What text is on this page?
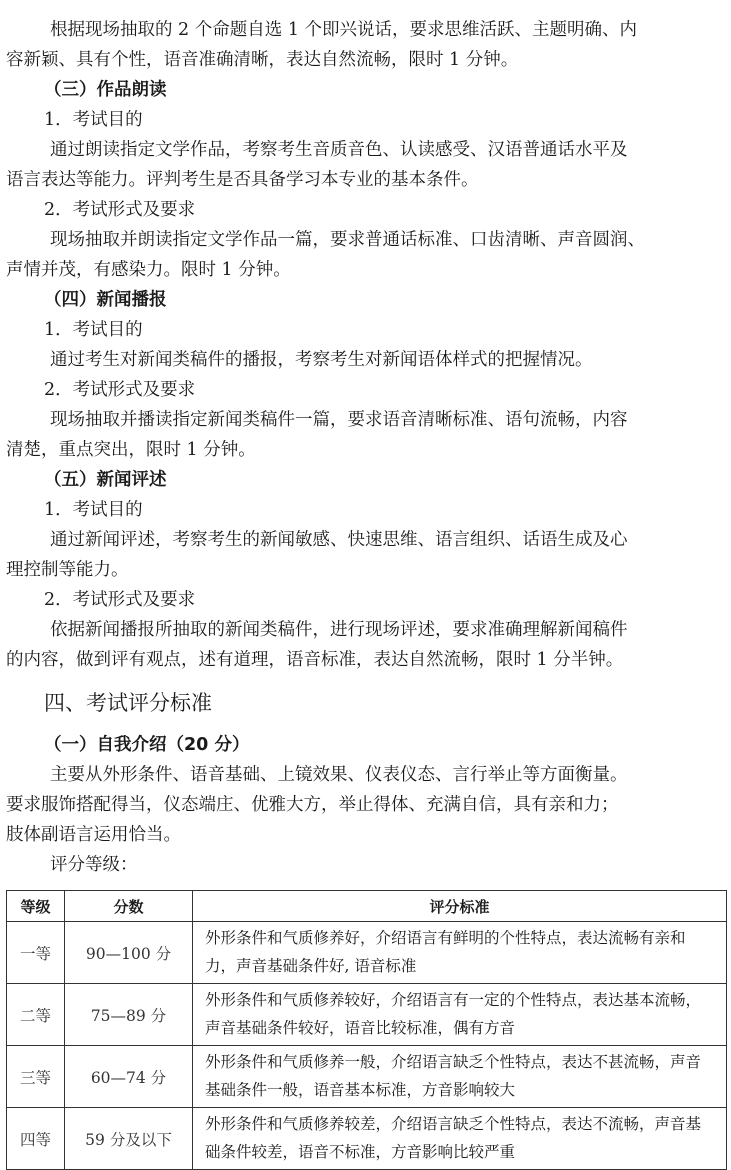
根据现场抽取的 2 个命题自选 1 个即兴说话，要求思维活跃、主题明确、内
容新颖、具有个性，语音准确清晰，表达自然流畅，限时 1 分钟。
（三）作品朗读
1．考试目的
通过朗读指定文学作品，考察考生音质音色、认读感受、汉语普通话水平及
语言表达等能力。评判考生是否具备学习本专业的基本条件。
2．考试形式及要求
现场抽取并朗读指定文学作品一篇，要求普通话标准、口齿清晰、声音圆润、
声情并茂，有感染力。限时 1 分钟。
（四）新闻播报
1．考试目的
通过考生对新闻类稿件的播报，考察考生对新闻语体样式的把握情况。
2．考试形式及要求
现场抽取并播读指定新闻类稿件一篇，要求语音清晰标准、语句流畅，内容
清楚，重点突出，限时 1 分钟。
（五）新闻评述
1．考试目的
通过新闻评述，考察考生的新闻敏感、快速思维、语言组织、话语生成及心
理控制等能力。
2．考试形式及要求
依据新闻播报所抽取的新闻类稿件，进行现场评述，要求准确理解新闻稿件
的内容，做到评有观点，述有道理，语音标准，表达自然流畅，限时 1 分半钟。
四、考试评分标准
（一）自我介绍（20 分）
主要从外形条件、语音基础、上镜效果、仪表仪态、言行举止等方面衡量。
要求服饰搭配得当，仪态端庄、优雅大方，举止得体、充满自信，具有亲和力；
肢体副语言运用恰当。
评分等级：
等级	分数	评分标准
一等	90—100 分	外形条件和气质修养好，介绍语言有鲜明的个性特点，表达流畅有亲和力，声音基础条件好, 语音标准
二等	75—89 分	外形条件和气质修养较好，介绍语言有一定的个性特点，表达基本流畅，声音基础条件较好，语音比较标准，偶有方音
三等	60—74 分	外形条件和气质修养一般，介绍语言缺乏个性特点，表达不甚流畅，声音基础条件一般，语音基本标准，方音影响较大
四等	59 分及以下	外形条件和气质修养较差，介绍语言缺乏个性特点，表达不流畅，声音基础条件较差，语音不标准，方音影响比较严重
